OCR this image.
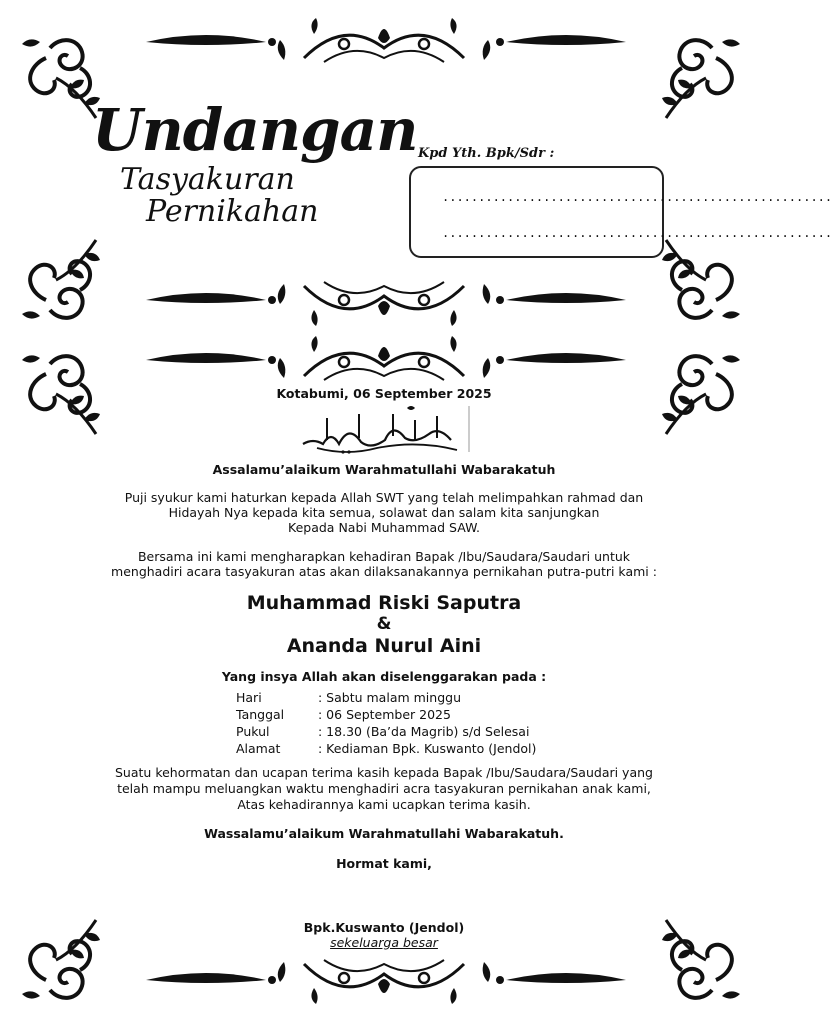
Undangan
Tasyakuran
Pernikahan
Kpd Yth. Bpk/Sdr :
......................................................
......................................................
Kotabumi, 06 September 2025
Assalamu’alaikum Warahmatullahi Wabarakatuh
Puji syukur kami haturkan kepada Allah SWT yang telah melimpahkan rahmad dan
Hidayah Nya kepada kita semua, solawat dan salam kita sanjungkan
Kepada Nabi Muhammad SAW.
Bersama ini kami mengharapkan kehadiran Bapak /Ibu/Saudara/Saudari untuk
menghadiri acara tasyakuran atas akan dilaksanakannya pernikahan putra-putri kami :
Muhammad Riski Saputra
&
Ananda Nurul Aini
Yang insya Allah akan diselenggarakan pada :
Hari	: Sabtu malam minggu
Tanggal	: 06 September 2025
Pukul	: 18.30 (Ba’da Magrib) s/d Selesai
Alamat	: Kediaman Bpk. Kuswanto (Jendol)
Suatu kehormatan dan ucapan terima kasih kepada Bapak /Ibu/Saudara/Saudari yang
telah mampu meluangkan waktu menghadiri acra tasyakuran pernikahan anak kami,
Atas kehadirannya kami ucapkan terima kasih.
Wassalamu’alaikum Warahmatullahi Wabarakatuh.
Hormat kami,
Bpk.Kuswanto (Jendol)
sekeluarga besar
